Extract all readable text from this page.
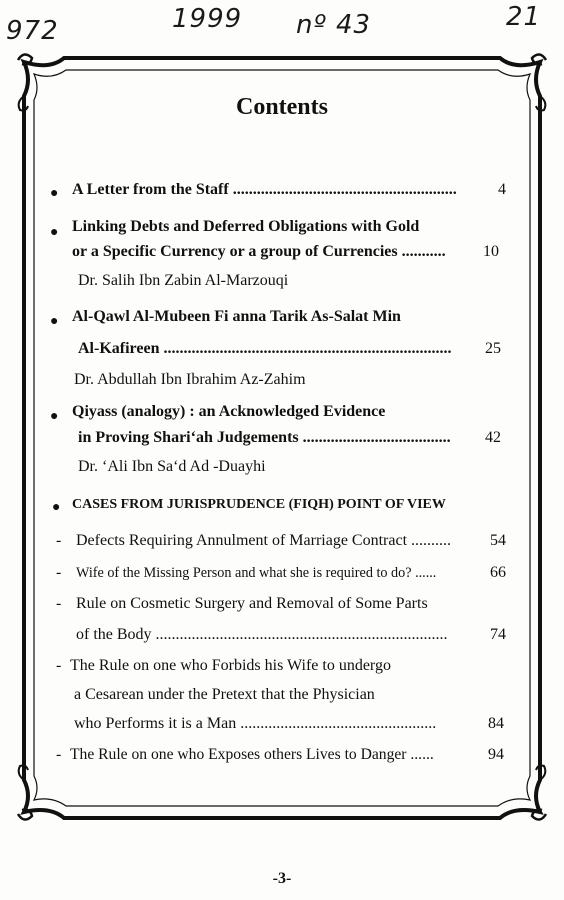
972	1999 nº 43	21
Contents
● A Letter from the Staff ........................................................	4
● Linking Debts and Deferred Obligations with Gold
or a Specific Currency or a group of Currencies ........... 10
Dr. Salih Ibn Zabin Al-Marzouqi
● Al-Qawl Al-Mubeen Fi anna Tarik As-Salat Min
Al-Kafireen ........................................................................ 25
Dr. Abdullah Ibn Ibrahim Az-Zahim
● Qiyass (analogy) : an Acknowledged Evidence
in Proving Shari‘ah Judgements ..................................... 42
Dr. ‘Ali Ibn Sa‘d Ad -Duayhi
● CASES FROM JURISPRUDENCE (FIQH) POINT OF VIEW
- Defects Requiring Annulment of Marriage Contract .......... 54
- Wife of the Missing Person and what she is required to do? ......	66
- Rule on Cosmetic Surgery and Removal of Some Parts
of the Body .........................................................................	74
- The Rule on one who Forbids his Wife to undergo
a Cesarean under the Pretext that the Physician
who Performs it is a Man .................................................	84
- The Rule on one who Exposes others Lives to Danger ......	94
-3-
